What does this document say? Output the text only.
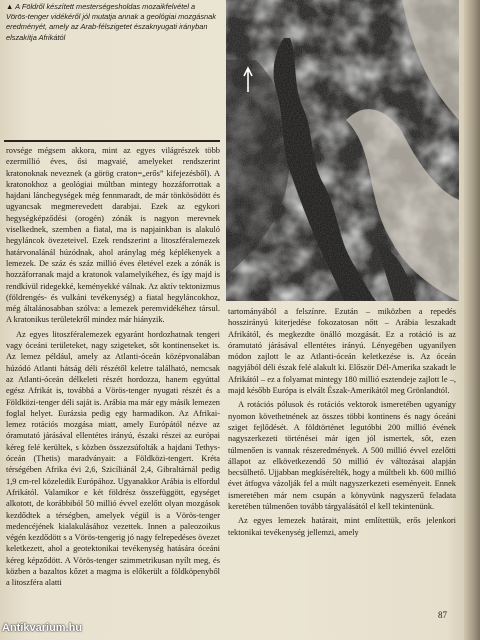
▲ A Földről készített mesterségesholdas mozaikfelvétel a Vörös-tenger vidékéről jól mutatja annak a geológiai mozgásnak eredményét, amely az Arab-félszigetet északnyugati irányban elszakítja Afrikától

rovsége mégsem akkora, mint az egyes világrészek több ezermillió éves, ősi magvaié, amelyeket rendszerint kratonoknak neveznek (a görög craton=„erős” kifejezésből). A kratonokhoz a geológiai múltban mintegy hozzáforrottak a hajdani lánchegységek még fennmaradt, de már tönkösödött és ugyancsak megmerevedett darabjai. Ezek az egykori hegységképződési (orogén) zónák is nagyon merevnek viselkednek, szemben a fiatal, ma is napjainkban is alakuló hegyláncok övezeteivel. Ezek rendszerint a litoszféralemezek határvonalánál húzódnak, ahol aránylag még képlékenyek a lemezek. De száz és száz millió éves életével ezek a zónák is hozzáforranak majd a kratonok valamelyikéhez, és így majd is rendkívül ridegekké, keményekké válnak. Az aktív tektonizmus (földrengés- és vulkáni tevékenység) a fiatal hegyláncokhoz, még általánosabban szólva: a lemezek peremvidékéhez társul. A kratonikus területekről mindez már hiányzik.

Az egyes litoszféralemezek egyaránt hordozhatnak tengeri vagy óceáni területeket, nagy szigeteket, sőt kontinenseket is. Az lemez például, amely az Atlanti-óceán középvonalában húzódó Atlanti hátság déli részétől keletre található, nemcsak az Atlanti-óceán délkeleti részét hordozza, hanem egyúttal egész Afrikát is, továbbá a Vörös-tenger nyugati részét és a Földközi-tenger déli saját is. Arábia ma már egy másik lemezen foglal helyet. Eurázsia pedig egy harmadikon. Az Afrikai-lemez rotációs mozgása miatt, amely Európától nézve az óramutató járásával ellentétes irányú, északi részei az európai kéreg felé kerültek, s közben összezsúfolták a hajdani Tethys-óceán (Thetis) maradványait: a Földközi-tengert. Kréta térségében Afrika évi 2,6, Szicíliánál 2,4, Gibraltárnál pedig 1,9 cm-rel közeledik Európához. Ugyanakkor Arábia is elfordul Afrikától. Valamikor e két földrész összefüggött, egységet alkotott, de korábbiból 50 millió évvel ezelőtt olyan mozgások kezdődtek a térségben, amelyek végül is a Vörös-tenger medencéjének kialakulásához vezettek. Innen a paleozoikus végén kezdődött s a Vörös-tengerig jó nagy felrepedéses övezet keletkezett, ahol a geotektonikai tevékenység hatására óceáni kéreg képződött. A Vörös-tenger szimmetrikusan nyílt meg, és közben a bazaltos kőzet a magma is előkerült a földköpenyből a litoszféra alatti

tartományából a felszínre. Ezután – miközben a repedés hosszirányú kiterjedése fokozatosan nőtt – Arábia leszakadt Afrikától, és megkezdte önálló mozgását. Ez a rotáció is az óramutató járásával ellentétes irányú. Lényegében ugyanilyen módon zajlott le az Atlanti-óceán keletkezése is. Az óceán nagyjából déli észak felé alakult ki. Először Dél-Amerika szakadt le Afrikától – ez a folyamat mintegy 180 millió esztendeje zajlott le –, majd később Európa is elvált Észak-Amerikától meg Grönlandtól.

A rotációs pólusok és rotációs vektorok ismeretében ugyanígy nyomon követhetnének az összes többi kontinens és nagy óceáni sziget fejlődését. A földtörténet legutóbbi 200 millió évének nagyszerkezeti történései már igen jól ismertek, sőt, ezen túlmenően is vannak részeredmények. A 500 millió évvel ezelőtti állapot az elkövetkezendő 50 millió év változásai alapján becsülhető. Ujjabban megkísérelték, hogy a múltbeli kb. 600 millió évet átfogva vázolják fel a múlt nagyszerkezeti eseményeit. Ennek ismeretében már nem csupán a könyvünk nagyszerű feladata keretében túlmenően tovább tárgyalásától el kell tekintenünk.

Az egyes lemezek határait, mint említettük, erős jelenkori tektonikai tevékenység jellemzi, amely

87
Antikvarium.hu
